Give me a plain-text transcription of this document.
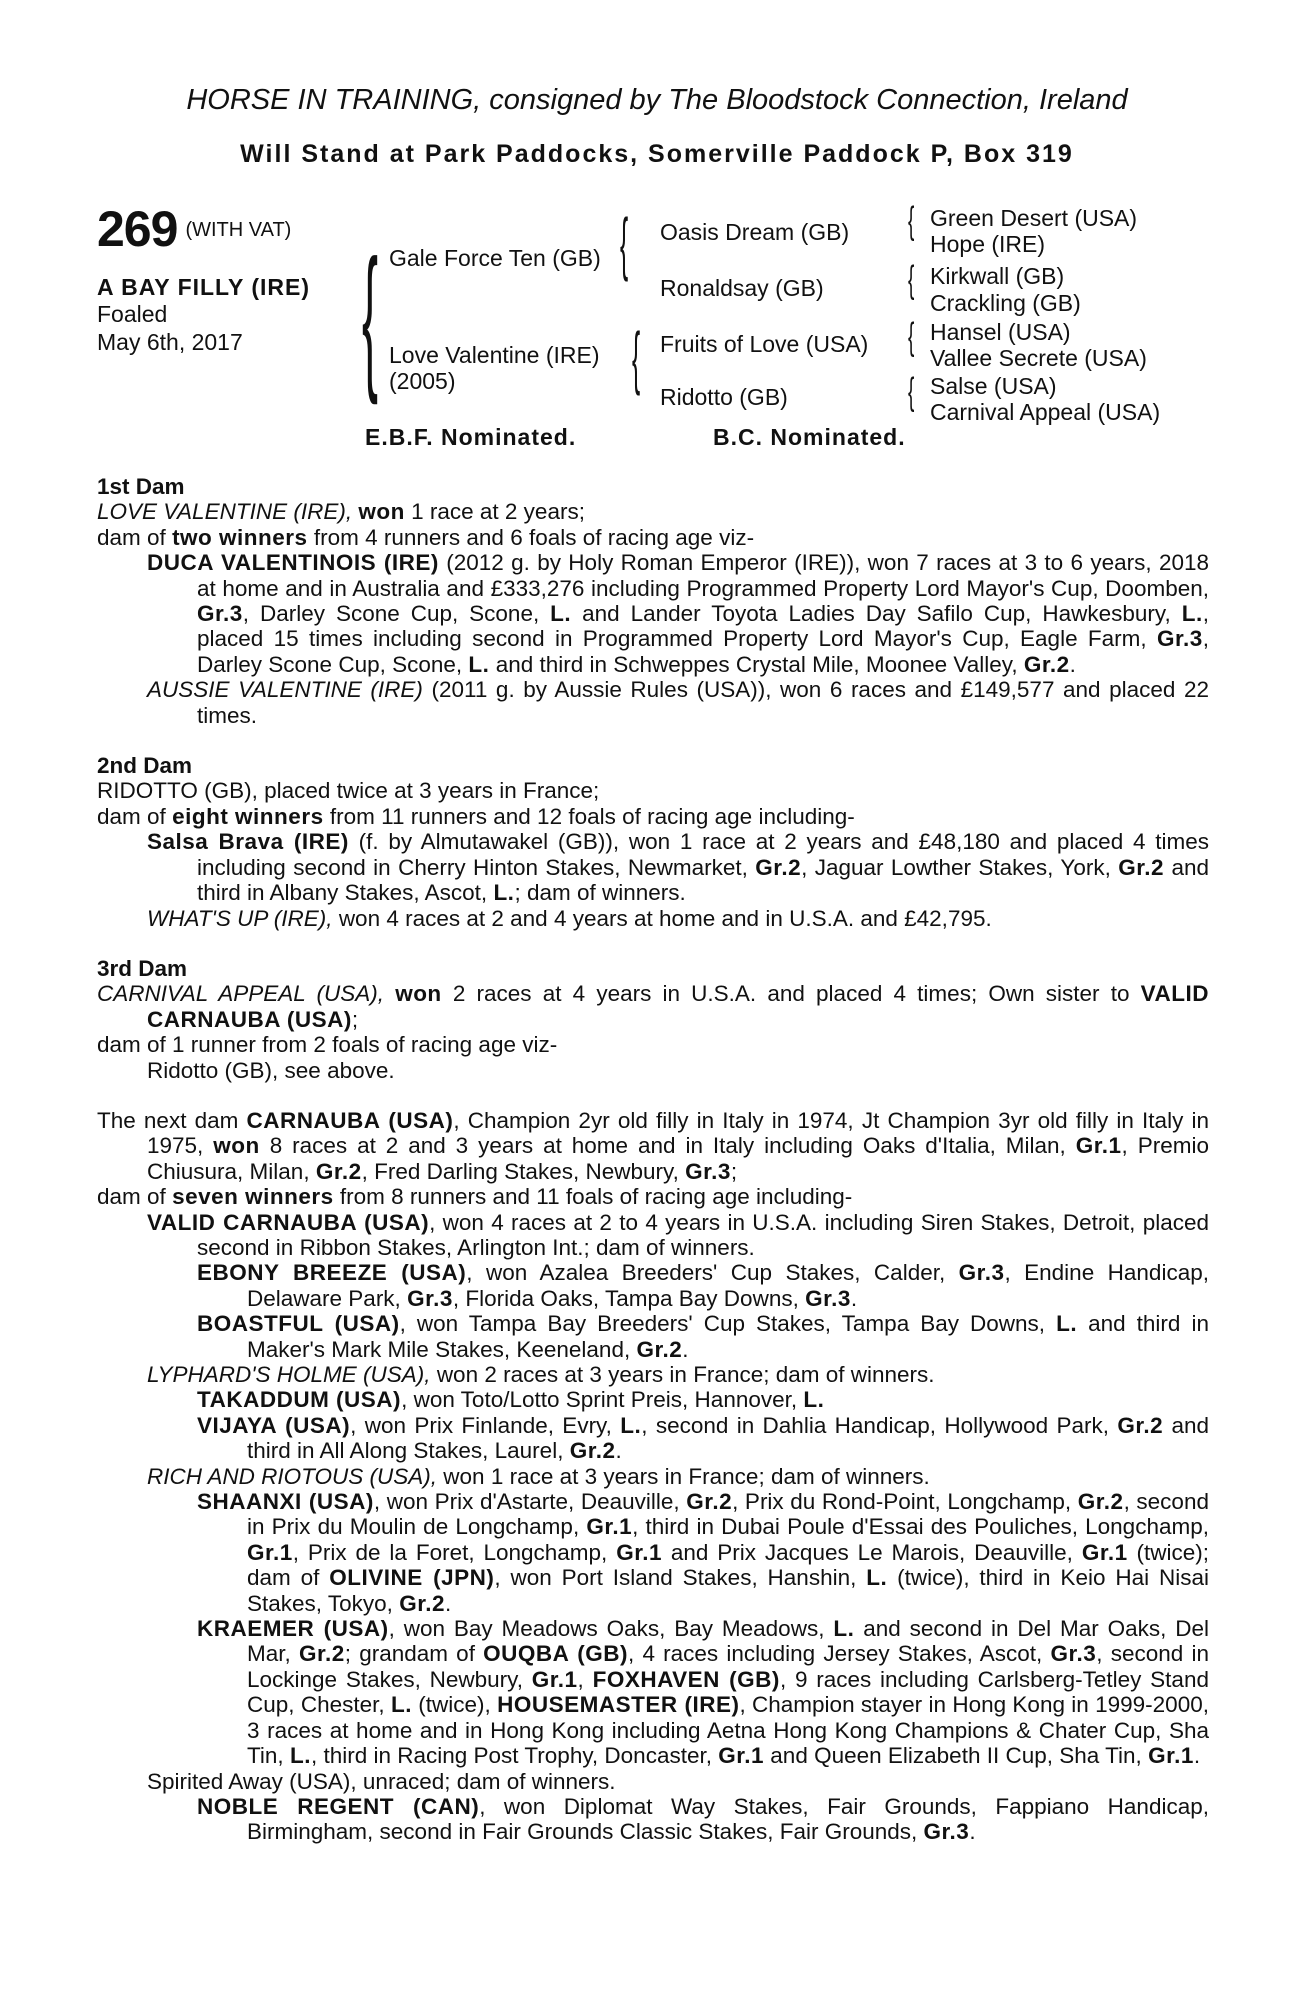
HORSE IN TRAINING, consigned by The Bloodstock Connection, Ireland
Will Stand at Park Paddocks, Somerville Paddock P, Box 319
269 $^{(WITH VAT)}$
A BAY FILLY (IRE)
Foaled
May 6th, 2017 {	{
{
{
{
{
{
Gale Force Ten (GB)
Love Valentine (IRE)
(2005)
Oasis Dream (GB)
Ronaldsay (GB)
Fruits of Love (USA)
Ridotto (GB)
Green Desert (USA)
Hope (IRE)
Kirkwall (GB)
Crackling (GB)
Hansel (USA)
Vallee Secrete (USA)
Salse (USA)
Carnival Appeal (USA)
E.B.F. Nominated.	B.C. Nominated.

1st Dam

LOVE VALENTINE (IRE), won 1 race at 2 years;

dam of two winners from 4 runners and 6 foals of racing age viz-

DUCA VALENTINOIS (IRE) (2012 g. by Holy Roman Emperor (IRE)), won 7 races at 3 to 6 years, 2018 at home and in Australia and £333,276 including Programmed Property Lord Mayor's Cup, Doomben, Gr.3, Darley Scone Cup, Scone, L. and Lander Toyota Ladies Day Safilo Cup, Hawkesbury, L., placed 15 times including second in Programmed Property Lord Mayor's Cup, Eagle Farm, Gr.3, Darley Scone Cup, Scone, L. and third in Schweppes Crystal Mile, Moonee Valley, Gr.2.

AUSSIE VALENTINE (IRE) (2011 g. by Aussie Rules (USA)), won 6 races and £149,577 and placed 22 times.

2nd Dam

RIDOTTO (GB), placed twice at 3 years in France;

dam of eight winners from 11 runners and 12 foals of racing age including-

Salsa Brava (IRE) (f. by Almutawakel (GB)), won 1 race at 2 years and £48,180 and placed 4 times including second in Cherry Hinton Stakes, Newmarket, Gr.2, Jaguar Lowther Stakes, York, Gr.2 and third in Albany Stakes, Ascot, L.; dam of winners.

WHAT'S UP (IRE), won 4 races at 2 and 4 years at home and in U.S.A. and £42,795.

3rd Dam

CARNIVAL APPEAL (USA), won 2 races at 4 years in U.S.A. and placed 4 times; Own sister to VALID CARNAUBA (USA);

dam of 1 runner from 2 foals of racing age viz-

Ridotto (GB), see above.

The next dam CARNAUBA (USA), Champion 2yr old filly in Italy in 1974, Jt Champion 3yr old filly in Italy in 1975, won 8 races at 2 and 3 years at home and in Italy including Oaks d'Italia, Milan, Gr.1, Premio Chiusura, Milan, Gr.2, Fred Darling Stakes, Newbury, Gr.3;

dam of seven winners from 8 runners and 11 foals of racing age including-

VALID CARNAUBA (USA), won 4 races at 2 to 4 years in U.S.A. including Siren Stakes, Detroit, placed second in Ribbon Stakes, Arlington Int.; dam of winners.

EBONY BREEZE (USA), won Azalea Breeders' Cup Stakes, Calder, Gr.3, Endine Handicap, Delaware Park, Gr.3, Florida Oaks, Tampa Bay Downs, Gr.3.

BOASTFUL (USA), won Tampa Bay Breeders' Cup Stakes, Tampa Bay Downs, L. and third in Maker's Mark Mile Stakes, Keeneland, Gr.2.

LYPHARD'S HOLME (USA), won 2 races at 3 years in France; dam of winners.

TAKADDUM (USA), won Toto/Lotto Sprint Preis, Hannover, L.

VIJAYA (USA), won Prix Finlande, Evry, L., second in Dahlia Handicap, Hollywood Park, Gr.2 and third in All Along Stakes, Laurel, Gr.2.

RICH AND RIOTOUS (USA), won 1 race at 3 years in France; dam of winners.

SHAANXI (USA), won Prix d'Astarte, Deauville, Gr.2, Prix du Rond-Point, Longchamp, Gr.2, second in Prix du Moulin de Longchamp, Gr.1, third in Dubai Poule d'Essai des Pouliches, Longchamp, Gr.1, Prix de la Foret, Longchamp, Gr.1 and Prix Jacques Le Marois, Deauville, Gr.1 (twice); dam of OLIVINE (JPN), won Port Island Stakes, Hanshin, L. (twice), third in Keio Hai Nisai Stakes, Tokyo, Gr.2.

KRAEMER (USA), won Bay Meadows Oaks, Bay Meadows, L. and second in Del Mar Oaks, Del Mar, Gr.2; grandam of OUQBA (GB), 4 races including Jersey Stakes, Ascot, Gr.3, second in Lockinge Stakes, Newbury, Gr.1, FOXHAVEN (GB), 9 races including Carlsberg-Tetley Stand Cup, Chester, L. (twice), HOUSEMASTER (IRE), Champion stayer in Hong Kong in 1999-2000, 3 races at home and in Hong Kong including Aetna Hong Kong Champions & Chater Cup, Sha Tin, L., third in Racing Post Trophy, Doncaster, Gr.1 and Queen Elizabeth II Cup, Sha Tin, Gr.1.

Spirited Away (USA), unraced; dam of winners.

NOBLE REGENT (CAN), won Diplomat Way Stakes, Fair Grounds, Fappiano Handicap, Birmingham, second in Fair Grounds Classic Stakes, Fair Grounds, Gr.3.
